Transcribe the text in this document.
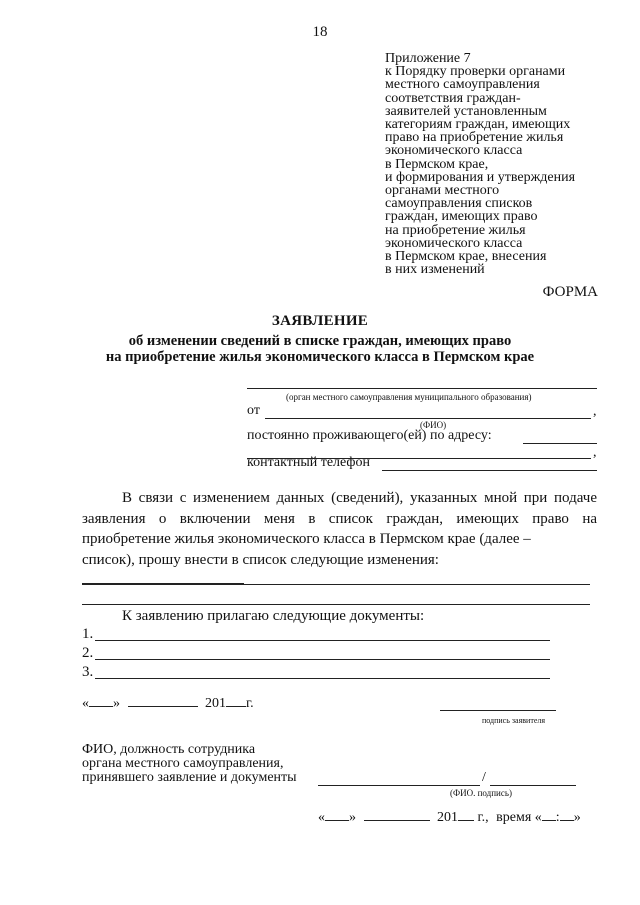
18
Приложение 7
к Порядку проверки органами
местного самоуправления
соответствия граждан-
заявителей установленным
категориям граждан, имеющих
право на приобретение жилья
экономического класса
в Пермском крае,
и формирования и утверждения
органами местного
самоуправления списков
граждан, имеющих право
на приобретение жилья
экономического класса
в Пермском крае, внесения
в них изменений
ФОРМА
ЗАЯВЛЕНИЕ
об изменении сведений в списке граждан, имеющих право
на приобретение жилья экономического класса в Пермском крае
(орган местного самоуправления муниципального образования)
от	,
(ФИО)
постоянно проживающего(ей) по адресу:
,
контактный телефон
В связи с изменением данных (сведений), указанных мной при подаче заявления о включении меня в список граждан, имеющих право на приобретение жилья экономического класса в Пермском крае (далее –
список), прошу внести в список следующие изменения:
К заявлению прилагаю следующие документы:
1.
2.
3.
« »	201 г.
подпись заявителя
ФИО, должность сотрудника
органа местного самоуправления,
принявшего заявление и документы	/
(ФИО. подпись)
« »	201 г., время « : »
